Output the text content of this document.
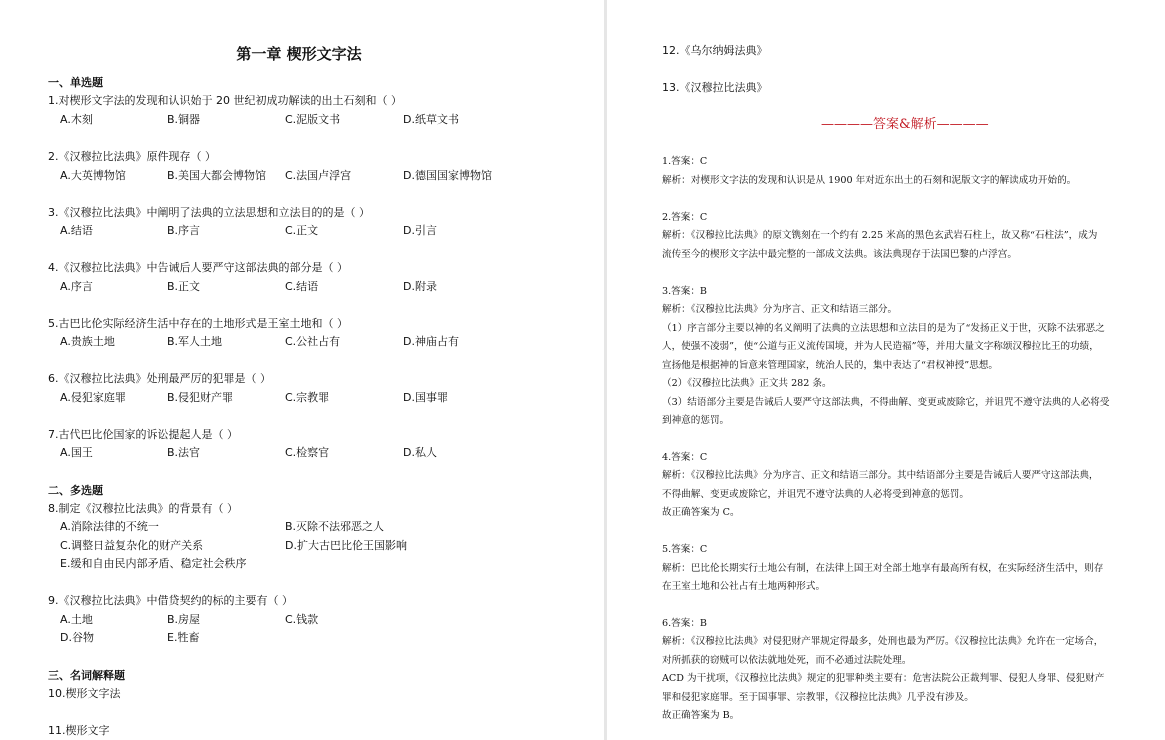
第一章 楔形文字法
一、单选题
1.对楔形文字法的发现和认识始于 20 世纪初成功解读的出土石刻和（ ）
A.木刻	B.铜器	C.泥版文书	D.纸草文书
2.《汉穆拉比法典》原件现存（ ）
A.大英博物馆	B.美国大都会博物馆 C.法国卢浮宫	D.德国国家博物馆
3.《汉穆拉比法典》中阐明了法典的立法思想和立法目的的是（ ）
A.结语	B.序言	C.正文	D.引言
4.《汉穆拉比法典》中告诫后人要严守这部法典的部分是（ ）
A.序言	B.正文	C.结语	D.附录
5.古巴比伦实际经济生活中存在的土地形式是王室土地和（ ）
A.贵族土地	B.军人土地	C.公社占有	D.神庙占有
6.《汉穆拉比法典》处刑最严厉的犯罪是（ ）
A.侵犯家庭罪	B.侵犯财产罪	C.宗教罪	D.国事罪
7.古代巴比伦国家的诉讼提起人是（ ）
A.国王	B.法官	C.检察官	D.私人
二、多选题
8.制定《汉穆拉比法典》的背景有（ ）
A.消除法律的不统一	B.灭除不法邪恶之人
C.调整日益复杂化的财产关系	D.扩大古巴比伦王国影响
E.缓和自由民内部矛盾、稳定社会秩序
9.《汉穆拉比法典》中借贷契约的标的主要有（ ）
A.土地	B.房屋	C.钱款
D.谷物	E.牲畜
三、名词解释题
10.楔形文字法
11.楔形文字
12.《乌尔纳姆法典》
13.《汉穆拉比法典》
————答案&解析————
1.答案：C
解析：对楔形文字法的发现和认识是从 1900 年对近东出土的石刻和泥版文字的解读成功开始的。
2.答案：C
解析：《汉穆拉比法典》的原文镌刻在一个约有 2.25 米高的黑色玄武岩石柱上，故又称“石柱法”，成为
流传至今的楔形文字法中最完整的一部成文法典。该法典现存于法国巴黎的卢浮宫。
3.答案：B
解析：《汉穆拉比法典》分为序言、正文和结语三部分。
（1）序言部分主要以神的名义阐明了法典的立法思想和立法目的是为了“发扬正义于世，灭除不法邪恶之
人，使强不凌弱”，使“公道与正义流传国境，并为人民造福”等，并用大量文字称颂汉穆拉比王的功绩，
宣扬他是根据神的旨意来管理国家，统治人民的，集中表达了“君权神授”思想。
（2）《汉穆拉比法典》正文共 282 条。
（3）结语部分主要是告诫后人要严守这部法典，不得曲解、变更或废除它，并诅咒不遵守法典的人必将受
到神意的惩罚。
4.答案：C
解析：《汉穆拉比法典》分为序言、正文和结语三部分。其中结语部分主要是告诫后人要严守这部法典，
不得曲解、变更或废除它，并诅咒不遵守法典的人必将受到神意的惩罚。
故正确答案为 C。
5.答案：C
解析：巴比伦长期实行土地公有制，在法律上国王对全部土地享有最高所有权，在实际经济生活中，则存
在王室土地和公社占有土地两种形式。
6.答案：B
解析：《汉穆拉比法典》对侵犯财产罪规定得最多，处刑也最为严厉。《汉穆拉比法典》允许在一定场合，
对所抓获的窃贼可以依法就地处死，而不必通过法院处理。
ACD 为干扰项，《汉穆拉比法典》规定的犯罪种类主要有：危害法院公正裁判罪、侵犯人身罪、侵犯财产
罪和侵犯家庭罪。至于国事罪、宗教罪，《汉穆拉比法典》几乎没有涉及。
故正确答案为 B。
